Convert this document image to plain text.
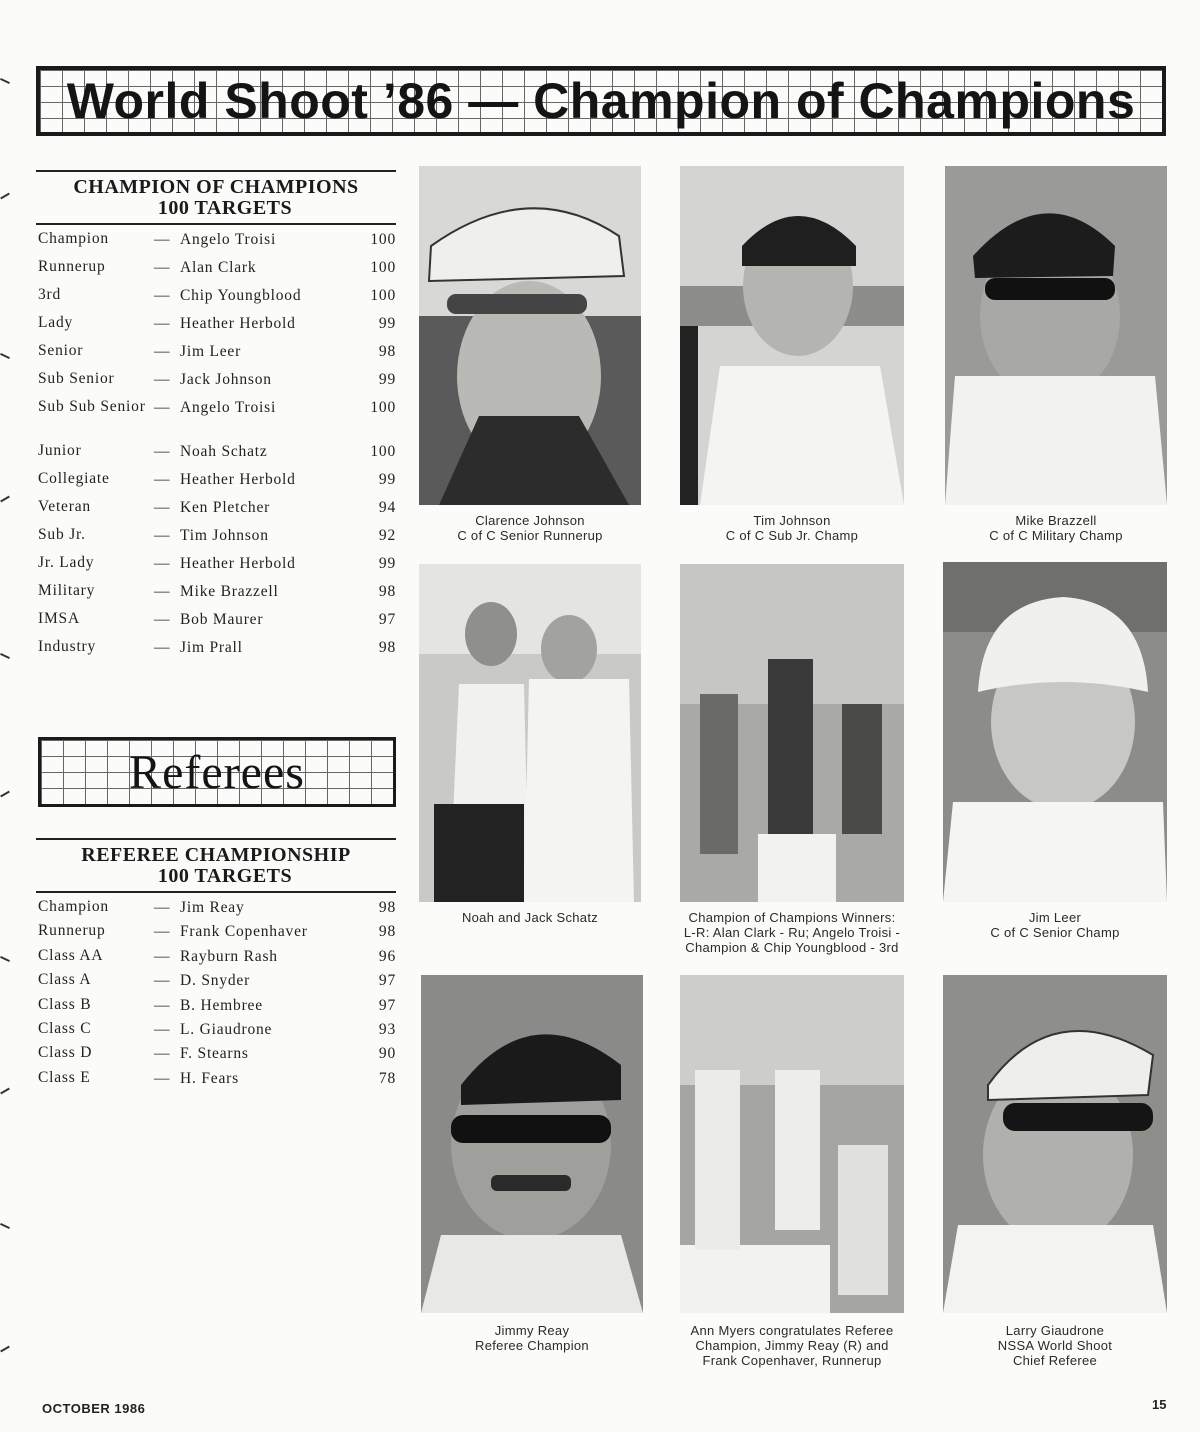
World Shoot ’86 — Champion of Champions
CHAMPION OF CHAMPIONS
100 TARGETS
Champion	— Angelo Troisi	100
Runnerup	— Alan Clark	100
3rd	— Chip Youngblood	100
Lady	— Heather Herbold	99
Senior	— Jim Leer	98
Sub Senior	— Jack Johnson	99
Sub Sub Senior — Angelo Troisi	100
Junior	— Noah Schatz	100
Collegiate	— Heather Herbold	99
Veteran	— Ken Pletcher	94
Sub Jr.	— Tim Johnson	92
Jr. Lady	— Heather Herbold	99
Military	— Mike Brazzell	98
IMSA	— Bob Maurer	97
Industry	— Jim Prall	98
Referees
REFEREE CHAMPIONSHIP
100 TARGETS
Champion	— Jim Reay	98
Runnerup	— Frank Copenhaver	98
Class AA	— Rayburn Rash	96
Class A	— D. Snyder	97
Class B	— B. Hembree	97
Class C	— L. Giaudrone	93
Class D	— F. Stearns	90
Class E	— H. Fears	78
Clarence Johnson
C of C Senior Runnerup
Tim Johnson
C of C Sub Jr. Champ
Mike Brazzell
C of C Military Champ
Noah and Jack Schatz	Champion of Champions Winners:
L-R: Alan Clark - Ru; Angelo Troisi -
Champion & Chip Youngblood - 3rd
Jim Leer
C of C Senior Champ
Jimmy Reay
Referee Champion
Ann Myers congratulates Referee
Champion, Jimmy Reay (R) and
Frank Copenhaver, Runnerup
Larry Giaudrone
NSSA World Shoot
Chief Referee
OCTOBER 1986	15
